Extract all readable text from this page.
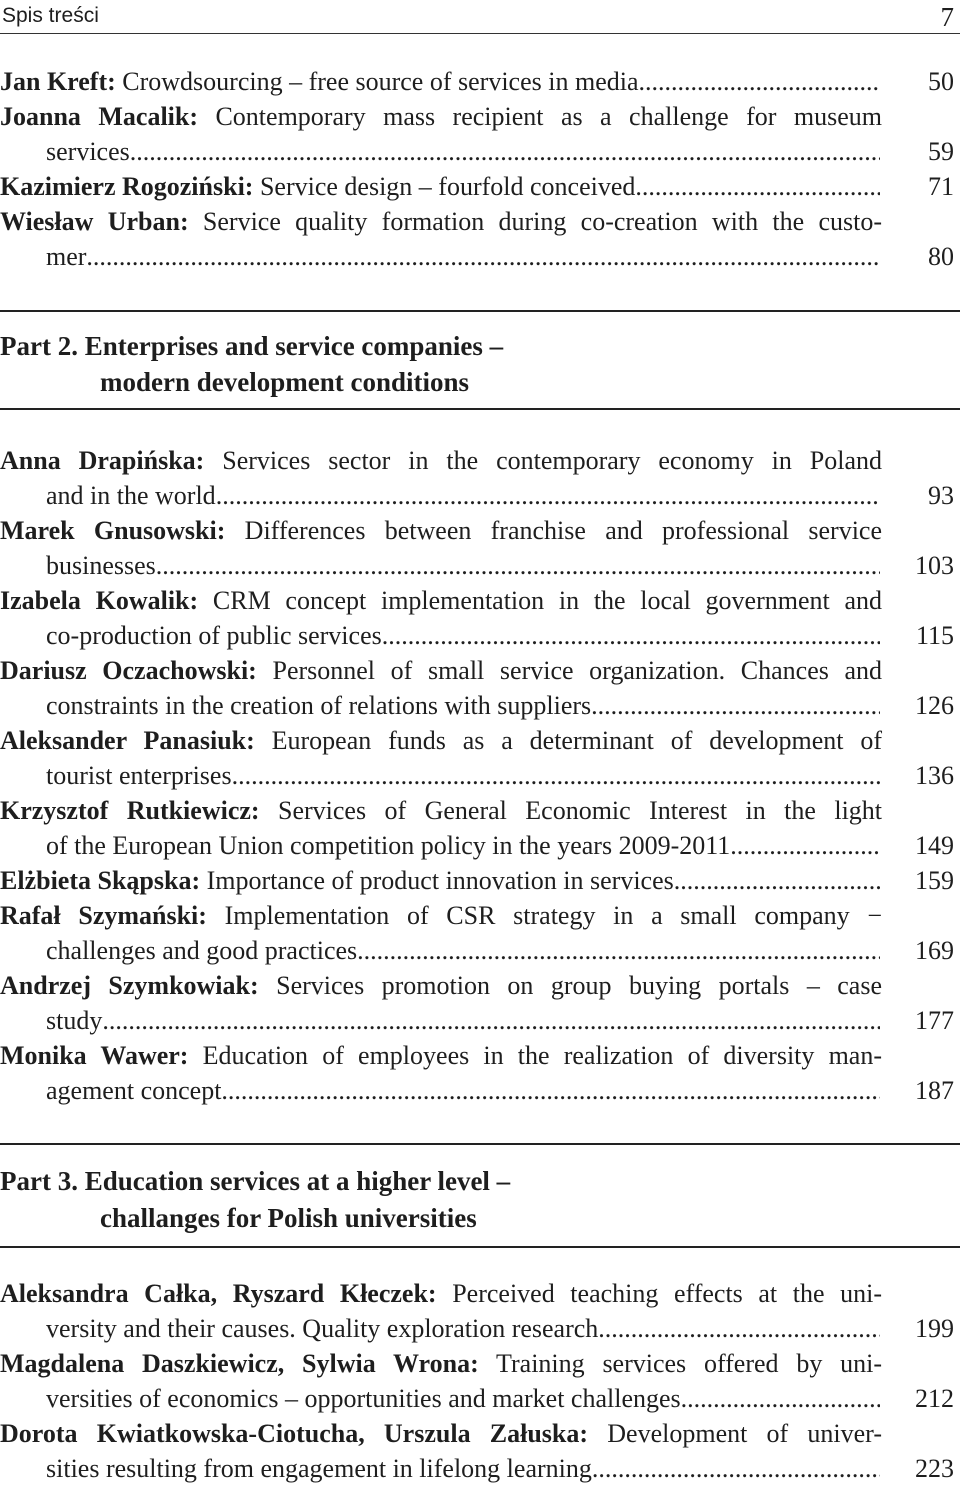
Spis treści	7
Jan Kreft:
Crowdsourcing – free source of services in media .....	50
Joanna Macalik: Contemporary mass recipient as a challenge for museum
services .....	59
Kazimierz Rogoziński:
Service design – fourfold conceived .....	71
Wiesław Urban: Service quality formation during co-creation with the custo-
mer .....	80
Part 2. Enterprises and service companies –
modern development conditions
Anna Drapińska: Services sector in the contemporary economy in Poland
and in the world .....	93
Marek Gnusowski: Differences between franchise and professional service
businesses .....	103
Izabela Kowalik: CRM concept implementation in the local government and
co-production of public services .....	115
Dariusz Oczachowski: Personnel of small service organization. Chances and
constraints in the creation of relations with suppliers .....	126
Aleksander Panasiuk: European funds as a determinant of development of
tourist enterprises .....	136
Krzysztof Rutkiewicz: Services of General Economic Interest in the light
of the European Union competition policy in the years 2009-2011 .....	149
Elżbieta Skąpska:
Importance of product innovation in services .....	159
Rafał Szymański: Implementation of CSR strategy in a small company −
challenges and good practices .....	169
Andrzej Szymkowiak: Services promotion on group buying portals – case
study .....	177
Monika Wawer: Education of employees in the realization of diversity man-
agement concept .....	187
Part 3. Education services at a higher level –
challanges for Polish universities
Aleksandra Całka, Ryszard Kłeczek: Perceived teaching effects at the uni-
versity and their causes. Quality exploration research .....	199
Magdalena Daszkiewicz, Sylwia Wrona: Training services offered by uni-
versities of economics – opportunities and market challenges .....	212
Dorota Kwiatkowska-Ciotucha, Urszula Załuska: Development of univer-
sities resulting from engagement in lifelong learning .....	223
